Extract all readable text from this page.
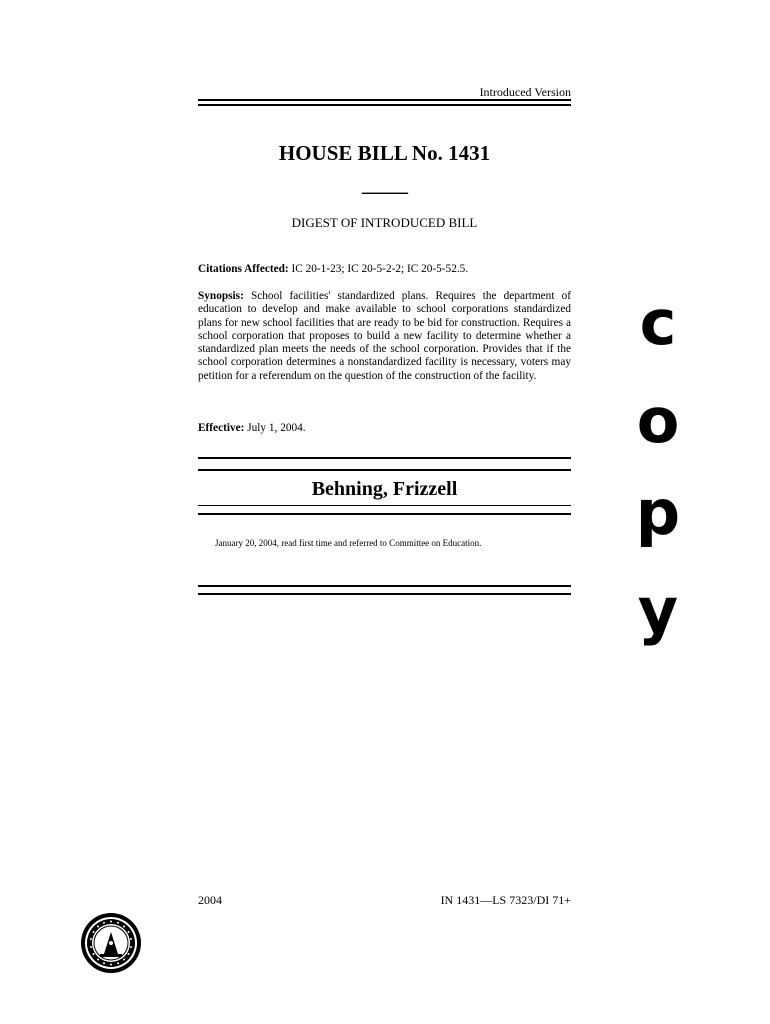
Introduced Version
HOUSE BILL No. 1431
_____
DIGEST OF INTRODUCED BILL
Citations Affected: IC 20-1-23; IC 20-5-2-2; IC 20-5-52.5.
Synopsis: School facilities' standardized plans. Requires the department of education to develop and make available to school corporations standardized plans for new school facilities that are ready to be bid for construction. Requires a school corporation that proposes to build a new facility to determine whether a standardized plan meets the needs of the school corporation. Provides that if the school corporation determines a nonstandardized facility is necessary, voters may petition for a referendum on the question of the construction of the facility.
Effective: July 1, 2004.
Behning, Frizzell
January 20, 2004, read first time and referred to Committee on Education.
c
o
p
y
2004	IN 1431—LS 7323/DI 71+
